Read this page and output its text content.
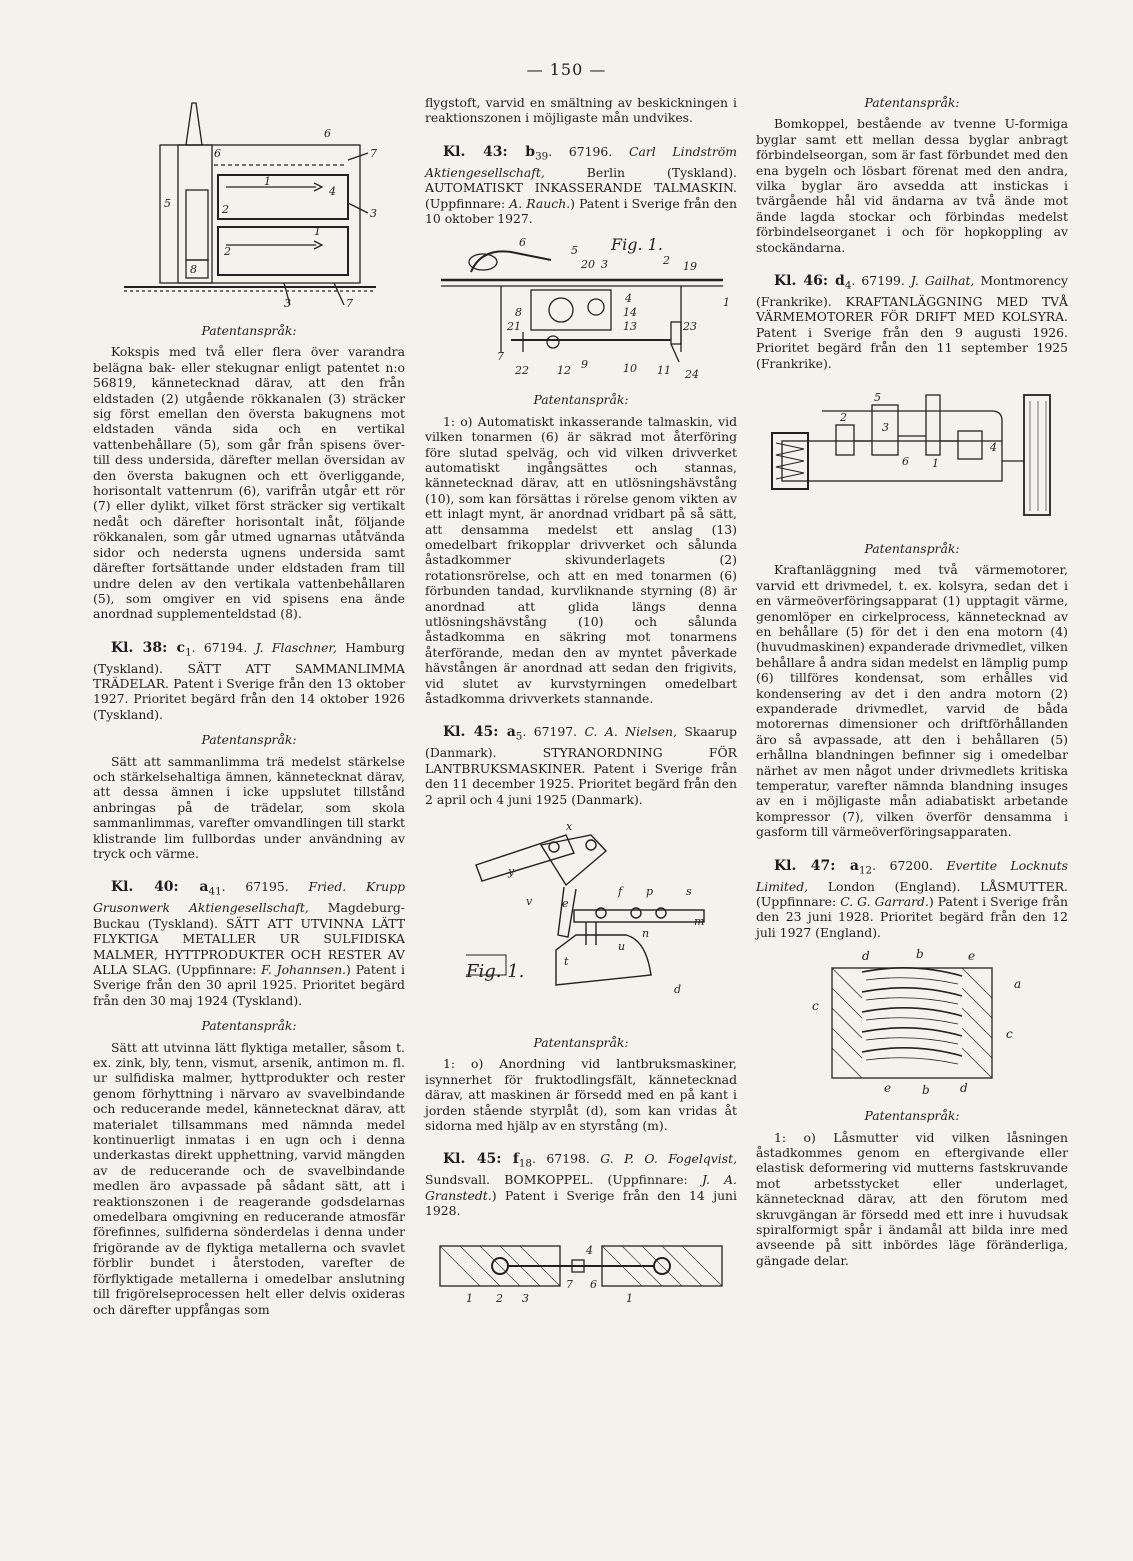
— 150 —
6
5
1
4
7
3
2
1
2
3	7
6
8
Patentanspråk:

Kokspis med två eller flera över varandra belägna bak- eller stekugnar enligt patentet n:o 56819, kännetecknad därav, att den från eldstaden (2) utgående rökkanalen (3) sträcker sig först emellan den översta bakugnens mot eldstaden vända sida och en vertikal vattenbehållare (5), som går från spisens över- till dess undersida, därefter mellan översidan av den översta bakugnen och ett överliggande, horisontalt vattenrum (6), varifrån utgår ett rör (7) eller dylikt, vilket först sträcker sig vertikalt nedåt och därefter horisontalt inåt, följande rökkanalen, som går utmed ugnarnas utåtvända sidor och nedersta ugnens undersida samt därefter fortsättande under eldstaden fram till undre delen av den vertikala vattenbehållaren (5), som omgiver en vid spisens ena ände anordnad supplementeldstad (8).

Kl. 38: $c_1$. 67194. J. Flaschner, Hamburg (Tyskland). SÄTT ATT SAMMANLIMMA TRÄDELAR. Patent i Sverige från den 13 oktober 1927. Prioritet begärd från den 14 oktober 1926 (Tyskland).

Patentanspråk:

Sätt att sammanlimma trä medelst stärkelse och stärkelsehaltiga ämnen, kännetecknat därav, att dessa ämnen i icke uppslutet tillstånd anbringas på de trädelar, som skola sammanlimmas, varefter omvandlingen till starkt klistrande lim fullbordas under användning av tryck och värme.

Kl. 40: $a_{41}$. 67195. Fried. Krupp Grusonwerk Aktiengesellschaft, Magdeburg-Buckau (Tyskland). SÄTT ATT UTVINNA LÄTT FLYKTIGA METALLER UR SULFIDISKA MALMER, HYTTPRODUKTER OCH RESTER AV ALLA SLAG. (Uppfinnare: F. Johannsen.) Patent i Sverige från den 30 april 1925. Prioritet begärd från den 30 maj 1924 (Tyskland).

Patentanspråk:

Sätt att utvinna lätt flyktiga metaller, såsom t. ex. zink, bly, tenn, vismut, arsenik, antimon m. fl. ur sulfidiska malmer, hyttprodukter och rester genom förhyttning i närvaro av svavelbindande och reducerande medel, kännetecknat därav, att materialet tillsammans med nämnda medel kontinuerligt inmatas i en ugn och i denna underkastas direkt upphettning, varvid mängden av de reducerande och de svavelbindande medlen äro avpassade på sådant sätt, att i reaktionszonen i de reagerande godsdelarnas omedelbara omgivning en reducerande atmosfär förefinnes, sulfiderna sönderdelas i denna under frigörande av de flyktiga metallerna och svavlet förblir bundet i återstoden, varefter de förflyktigade metallerna i omedelbar anslutning till frigörelseprocessen helt eller delvis oxideras och därefter uppfångas som

flygstoft, varvid en smältning av beskickningen i reaktionszonen i möjligaste mån undvikes.

Kl. 43: $b_{39}$. 67196. Carl Lindström Aktiengesellschaft,	Berlin (Tyskland). AUTOMATISKT INKASSERANDE TALMASKIN. (Uppfinnare: A. Rauch.) Patent i Sverige från den 10 oktober 1927.

Fig. 1.
6
5
20 3	2 19
4
14
13
1
8
23
21
7
22	12 9	10 11 24
Patentanspråk:

1: o) Automatiskt inkasserande talmaskin, vid vilken tonarmen (6) är säkrad mot återföring före slutad spelväg, och vid vilken drivverket automatiskt ingångsättes och stannas, kännetecknad därav, att en utlösningshävstång (10), som kan försättas i rörelse genom vikten av ett inlagt mynt, är anordnad vridbart på så sätt, att densamma medelst ett anslag (13) omedelbart frikopplar drivverket och sålunda åstadkommer skivunderlagets (2) rotationsrörelse, och att en med tonarmen (6) förbunden tandad, kurvliknande styrning (8) är anordnad att glida längs denna utlösningshävstång (10) och sålunda åstadkomma en säkring mot tonarmens återförande, medan den av myntet påverkade hävstången är anordnad att sedan den frigivits, vid slutet av kurvstyrningen omedelbart åstadkomma drivverkets stannande.

Kl. 45: $a_5$. 67197. C. A. Nielsen, Skaarup (Danmark). STYRANORDNING FÖR LANTBRUKSMASKINER. Patent i Sverige från den 11 december 1925. Prioritet begärd från den 2 april och 4 juni 1925 (Danmark).

Fig. 1.
x
y
v
f p	s
e
n
m
u
t
d
Patentanspråk:

1: o) Anordning vid lantbruksmaskiner, isynnerhet för fruktodlingsfält, kännetecknad därav, att maskinen är försedd med en på kant i jorden stående styrplåt (d), som kan vridas åt sidorna med hjälp av en styrstång (m).

Kl. 45: $f_{18}$. 67198. G. P. O. Fogelqvist, Sundsvall. BOMKOPPEL. (Uppfinnare: J. A. Granstedt.) Patent i Sverige från den 14 juni 1928.

4
1 2 3
7 6
1
Patentanspråk:

Bomkoppel, bestående av tvenne U-formiga byglar samt ett mellan dessa byglar anbragt förbindelseorgan, som är fast förbundet med den ena bygeln och lösbart förenat med den andra, vilka byglar äro avsedda att instickas i tvärgående hål vid ändarna av två ände mot ände lagda stockar och förbindas medelst förbindelseorganet i och för hopkoppling av stockändarna.

Kl. 46: $d_4$. 67199. J. Gailhat, Montmorency (Frankrike). KRAFTANLÄGGNING MED TVÅ VÄRMEMOTORER FÖR DRIFT MED KOLSYRA. Patent i Sverige från den 9 augusti 1926. Prioritet begärd från den 11 september 1925 (Frankrike).

5
2
6 1
3
4
Patentanspråk:

Kraftanläggning med två värmemotorer, varvid ett drivmedel, t. ex. kolsyra, sedan det i en värmeöverföringsapparat (1) upptagit värme, genomlöper en cirkelprocess, kännetecknad av en behållare (5) för det i den ena motorn (4) (huvudmaskinen) expanderade drivmedlet, vilken behållare å andra sidan medelst en lämplig pump (6) tillföres kondensat, som erhålles vid kondensering av det i den andra motorn (2) expanderade drivmedlet, varvid de båda motorernas dimensioner och driftförhållanden äro så avpassade, att den i behållaren (5) erhållna blandningen befinner sig i omedelbar närhet av men något under drivmedlets kritiska temperatur, varefter nämnda blandning insuges av en i möjligaste mån adiabatiskt arbetande kompressor (7), vilken överför densamma i gasform till värmeöverföringsapparaten.

Kl. 47: $a_{12}$. 67200. Evertite Locknuts Limited, London (England). LÅSMUTTER. (Uppfinnare: C. G. Garrard.) Patent i Sverige från den 23 juni 1928. Prioritet begärd från den 12 juli 1927 (England).

d	b	e
a
c
c
e	b	d
Patentanspråk:

1: o) Låsmutter vid vilken låsningen åstadkommes genom en eftergivande eller elastisk deformering vid mutterns fastskruvande mot arbetsstycket eller underlaget, kännetecknad därav, att den förutom med skruvgängan är försedd med ett inre i huvudsak spiralformigt spår i ändamål att bilda inre med avseende på sitt inbördes läge föränderliga, gängade delar.
